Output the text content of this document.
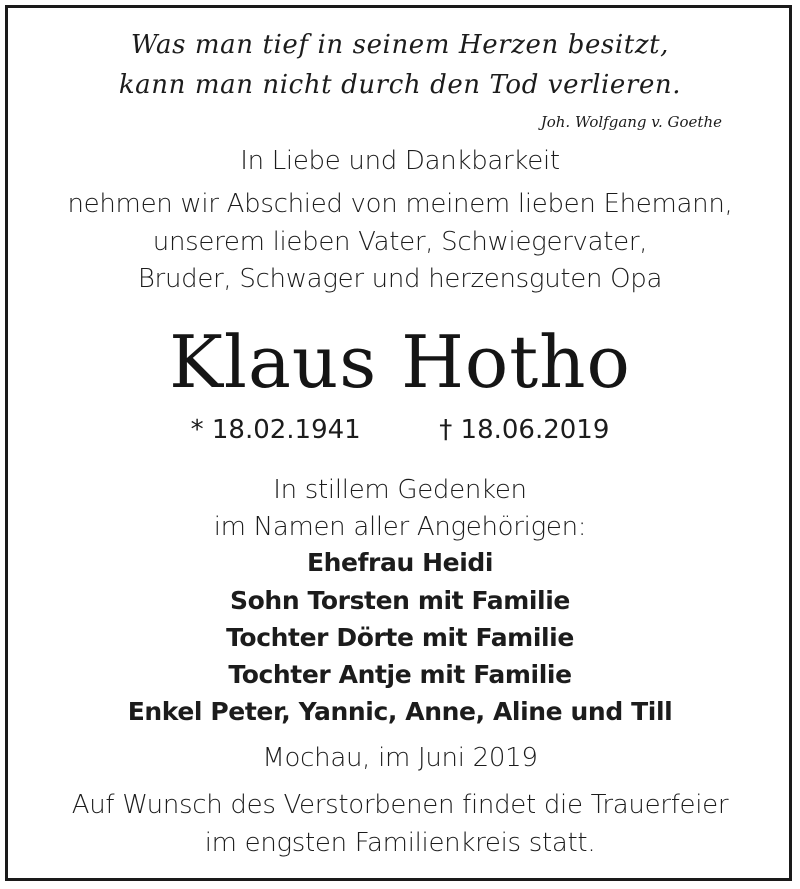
Was man tief in seinem Herzen besitzt,
kann man nicht durch den Tod verlieren.
Joh. Wolfgang v. Goethe
In Liebe und Dankbarkeit
nehmen wir Abschied von meinem lieben Ehemann,
unserem lieben Vater, Schwiegervater,
Bruder, Schwager und herzensguten Opa
Klaus Hotho
* 18.02.1941	† 18.06.2019
In stillem Gedenken
im Namen aller Angehörigen:
Ehefrau Heidi
Sohn Torsten mit Familie
Tochter Dörte mit Familie
Tochter Antje mit Familie
Enkel Peter, Yannic, Anne, Aline und Till
Mochau, im Juni 2019
Auf Wunsch des Verstorbenen findet die Trauerfeier
im engsten Familienkreis statt.
